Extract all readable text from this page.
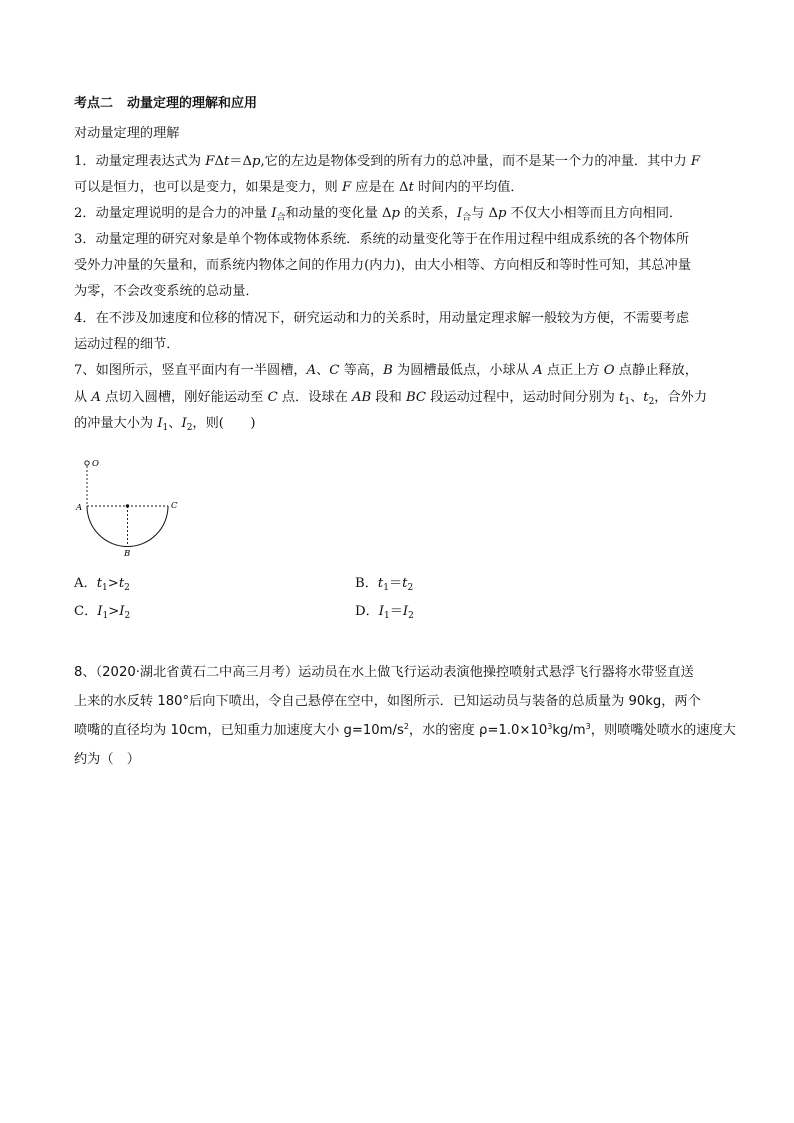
考点二 动量定理的理解和应用
对动量定理的理解
1．动量定理表达式为 FΔt＝Δp,它的左边是物体受到的所有力的总冲量，而不是某一个力的冲量．其中力 F
可以是恒力，也可以是变力，如果是变力，则 F 应是在 Δt 时间内的平均值．
2．动量定理说明的是合力的冲量 $I_合$和动量的变化量 Δp 的关系，$I_合$与 Δp 不仅大小相等而且方向相同．
3．动量定理的研究对象是单个物体或物体系统．系统的动量变化等于在作用过程中组成系统的各个物体所
受外力冲量的矢量和，而系统内物体之间的作用力(内力)，由大小相等、方向相反和等时性可知，其总冲量
为零，不会改变系统的总动量．
4．在不涉及加速度和位移的情况下，研究运动和力的关系时，用动量定理求解一般较为方便，不需要考虑
运动过程的细节．
7、如图所示，竖直平面内有一半圆槽，A、C 等高，B 为圆槽最低点，小球从 A 点正上方 O 点静止释放，
从 A 点切入圆槽，刚好能运动至 C 点．设球在 AB 段和 BC 段运动过程中，运动时间分别为 $t_1$、$t_2$，合外力
的冲量大小为 $I_1$、$I_2$，则(　　)
O
A	C
B
A．$t_1>t_2$	B．$t_1=t_2$
C．$I_1>I_2$	D．$I_1=I_2$
8、（2020·湖北省黄石二中高三月考）运动员在水上做飞行运动表演他操控喷射式悬浮飞行器将水带竖直送
上来的水反转 180°后向下喷出，令自己悬停在空中，如图所示．已知运动员与装备的总质量为 90kg，两个
喷嘴的直径均为 10cm，已知重力加速度大小 $g=10m/s^2$，水的密度 $\rho=1.0\times 10^3kg/m^3$，则喷嘴处喷水的速度大
约为（　）
